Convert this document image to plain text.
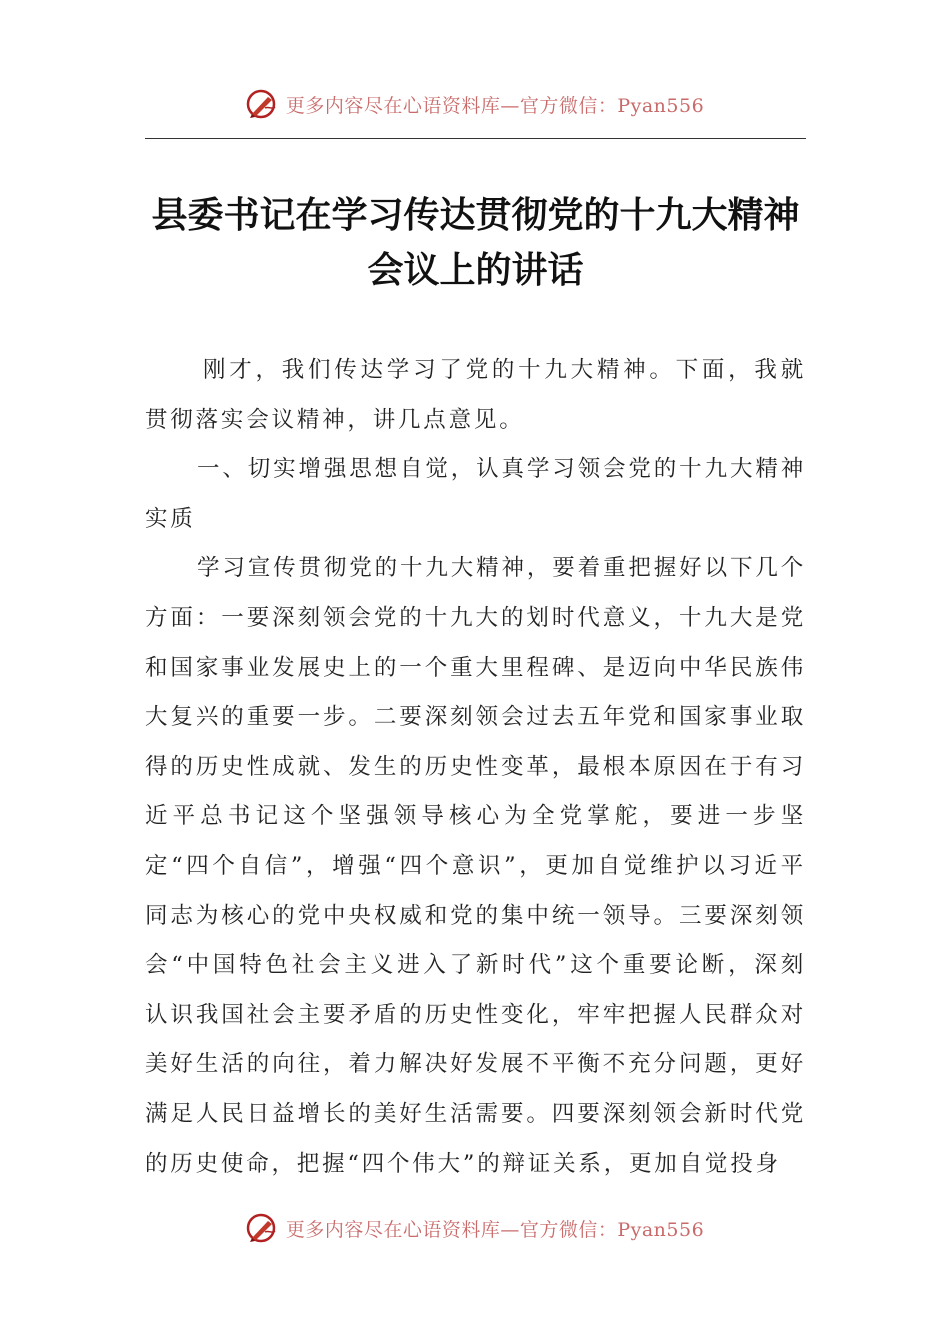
更多内容尽在心语资料库—官方微信：Pyan556
县委书记在学习传达贯彻党的十九大精神
会议上的讲话

刚才，我们传达学习了党的十九大精神。下面，我就贯彻落实会议精神，讲几点意见。

一、切实增强思想自觉，认真学习领会党的十九大精神实质

学习宣传贯彻党的十九大精神，要着重把握好以下几个方面：一要深刻领会党的十九大的划时代意义，十九大是党和国家事业发展史上的一个重大里程碑、是迈向中华民族伟大复兴的重要一步。二要深刻领会过去五年党和国家事业取得的历史性成就、发生的历史性变革，最根本原因在于有习近平总书记这个坚强领导核心为全党掌舵，要进一步坚定“四个自信”，增强“四个意识”，更加自觉维护以习近平同志为核心的党中央权威和党的集中统一领导。三要深刻领会“中国特色社会主义进入了新时代”这个重要论断，深刻认识我国社会主要矛盾的历史性变化，牢牢把握人民群众对美好生活的向往，着力解决好发展不平衡不充分问题，更好满足人民日益增长的美好生活需要。四要深刻领会新时代党的历史使命，把握“四个伟大”的辩证关系，更加自觉投身

更多内容尽在心语资料库—官方微信：Pyan556
